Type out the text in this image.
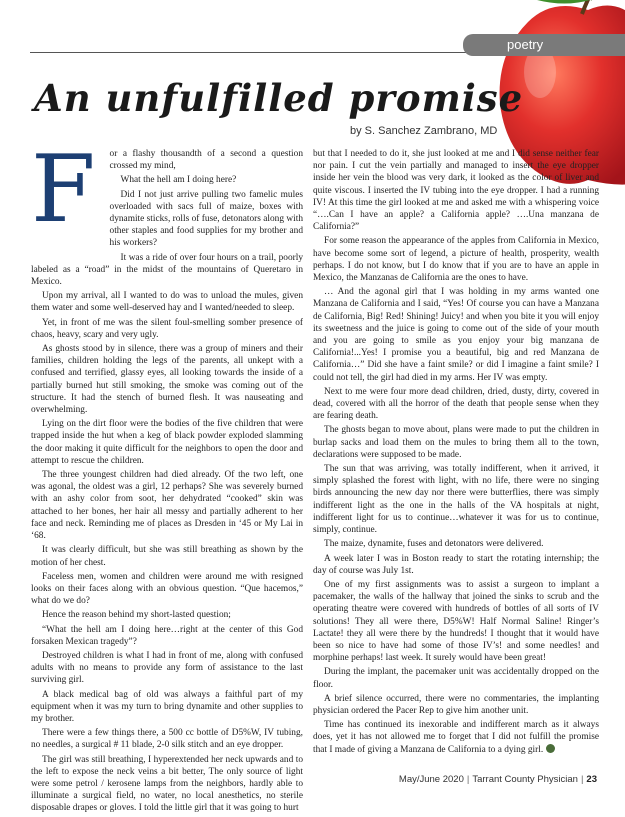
poetry
An unfulfilled promise
by S. Sanchez Zambrano, MD
F	or a flashy thousandth of a second a question crossed my mind,

What the hell am I doing here?

Did I not just arrive pulling two famelic mules overloaded with sacs full of maize, boxes with dynamite sticks, rolls of fuse, detonators along with other staples and food supplies for my brother and his workers?

It was a ride of over four hours on a trail, poorly labeled as a “road” in the midst of the mountains of Queretaro in Mexico.

Upon my arrival, all I wanted to do was to unload the mules, given them water and some well-deserved hay and I wanted/needed to sleep.

Yet, in front of me was the silent foul-smelling somber presence of chaos, heavy, scary and very ugly.

As ghosts stood by in silence, there was a group of miners and their families, children holding the legs of the parents, all unkept with a confused and terrified, glassy eyes, all looking towards the inside of a partially burned hut still smoking, the smoke was coming out of the structure. It had the stench of burned flesh. It was nauseating and overwhelming.

Lying on the dirt floor were the bodies of the five children that were trapped inside the hut when a keg of black powder exploded slamming the door making it quite difficult for the neighbors to open the door and attempt to rescue the children.

The three youngest children had died already. Of the two left, one was agonal, the oldest was a girl, 12 perhaps? She was severely burned with an ashy color from soot, her dehydrated “cooked” skin was attached to her bones, her hair all messy and partially adherent to her face and neck. Reminding me of places as Dresden in ‘45 or My Lai in ‘68.

It was clearly difficult, but she was still breathing as shown by the motion of her chest.

Faceless men, women and children were around me with resigned looks on their faces along with an obvious question. “Que hacemos,” what do we do?

Hence the reason behind my short-lasted question;

“What the hell am I doing here…right at the center of this God forsaken Mexican tragedy”?

Destroyed children is what I had in front of me, along with confused adults with no means to provide any form of assistance to the last surviving girl.

A black medical bag of old was always a faithful part of my equipment when it was my turn to bring dynamite and other supplies to my brother.

There were a few things there, a 500 cc bottle of D5%W, IV tubing, no needles, a surgical # 11 blade, 2-0 silk stitch and an eye dropper.

The girl was still breathing, I hyperextended her neck upwards and to the left to expose the neck veins a bit better, The only source of light were some petrol / kerosene lamps from the neighbors, hardly able to illuminate a surgical field, no water, no local anesthetics, no sterile disposable drapes or gloves. I told the little girl that it was going to hurt

but that I needed to do it, she just looked at me and I did sense neither fear nor pain. I cut the vein partially and managed to insert the eye dropper inside her vein the blood was very dark, it looked as the color of liver and quite viscous. I inserted the IV tubing into the eye dropper. I had a running IV! At this time the girl looked at me and asked me with a whispering voice “….Can I have an apple? a California apple? ….Una manzana de California?”

For some reason the appearance of the apples from California in Mexico, have become some sort of legend, a picture of health, prosperity, wealth perhaps. I do not know, but I do know that if you are to have an apple in Mexico, the Manzanas de California are the ones to have.

… And the agonal girl that I was holding in my arms wanted one Manzana de California and I said, “Yes! Of course you can have a Manzana de California, Big! Red! Shining! Juicy! and when you bite it you will enjoy its sweetness and the juice is going to come out of the side of your mouth and you are going to smile as you enjoy your big manzana de California!...Yes! I promise you a beautiful, big and red Manzana de California…” Did she have a faint smile? or did I imagine a faint smile? I could not tell, the girl had died in my arms. Her IV was empty.

Next to me were four more dead children, dried, dusty, dirty, covered in dead, covered with all the horror of the death that people sense when they are fearing death.

The ghosts began to move about, plans were made to put the children in burlap sacks and load them on the mules to bring them all to the town, declarations were supposed to be made.

The sun that was arriving, was totally indifferent, when it arrived, it simply splashed the forest with light, with no life, there were no singing birds announcing the new day nor there were butterflies, there was simply indifferent light as the one in the halls of the VA hospitals at night, indifferent light for us to continue…whatever it was for us to continue, simply, continue.

The maize, dynamite, fuses and detonators were delivered.

A week later I was in Boston ready to start the rotating internship; the day of course was July 1st.

One of my first assignments was to assist a surgeon to implant a pacemaker, the walls of the hallway that joined the sinks to scrub and the operating theatre were covered with hundreds of bottles of all sorts of IV solutions! They all were there, D5%W! Half Normal Saline! Ringer’s Lactate! they all were there by the hundreds! I thought that it would have been so nice to have had some of those IV’s! and some needles! and morphine perhaps! last week. It surely would have been great!

During the implant, the pacemaker unit was accidentally dropped on the floor.

A brief silence occurred, there were no commentaries, the implanting physician ordered the Pacer Rep to give him another unit.

Time has continued its inexorable and indifferent march as it always does, yet it has not allowed me to forget that I did not fulfill the promise that I made of giving a Manzana de California to a dying girl.

May/June 2020 | Tarrant County Physician | 23
